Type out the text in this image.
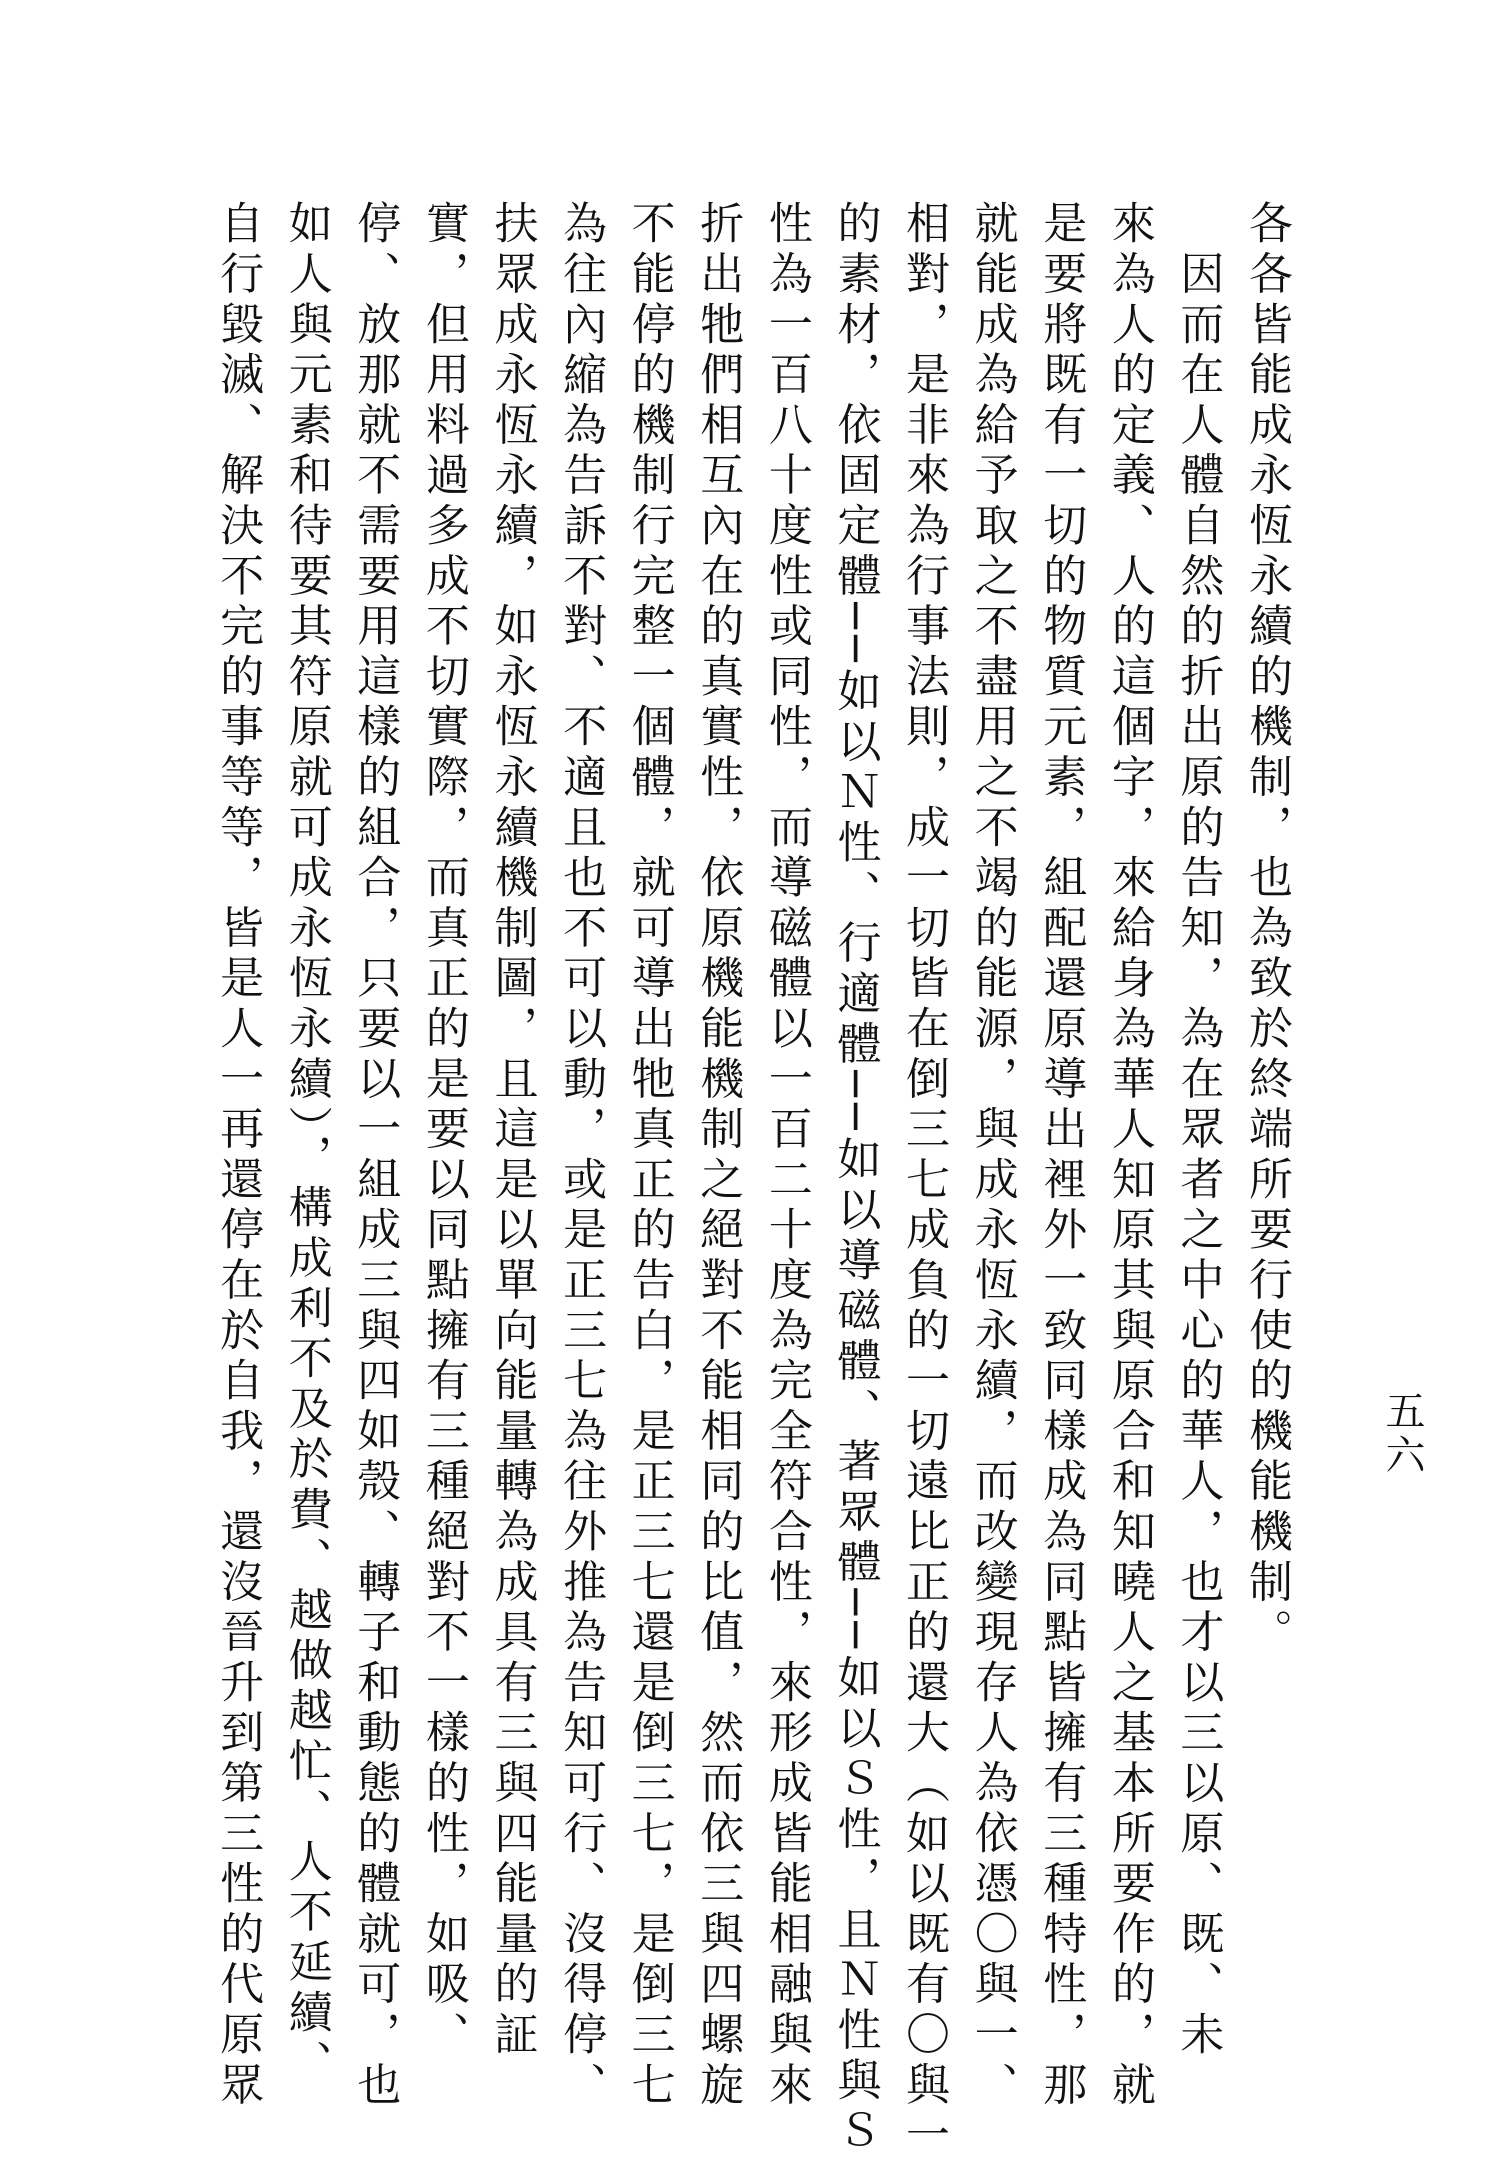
各各皆能成永恆永續的機制，也為致於終端所要行使的機能機制。

　因而在人體自然的折出原的告知，為在眾者之中心的華人，也才以三以原、既、未

來為人的定義、人的這個字，來給身為華人知原其與原合和知曉人之基本所要作的，就

是要將既有一切的物質元素，組配還原導出裡外一致同樣成為同點皆擁有三種特性，那

就能成為給予取之不盡用之不竭的能源，與成永恆永續，而改變現存人為依憑〇與一、

相對，是非來為行事法則，成一切皆在倒三七成負的一切遠比正的還大（如以既有〇與一

的素材，依固定體──如以Ｎ性、行適體──如以導磁體、著眾體──如以Ｓ性，且Ｎ性與Ｓ

性為一百八十度性或同性，而導磁體以一百二十度為完全符合性，來形成皆能相融與來

折出牠們相互內在的真實性，依原機能機制之絕對不能相同的比值，然而依三與四螺旋

不能停的機制行完整一個體，就可導出牠真正的告白，是正三七還是倒三七，是倒三七

為往內縮為告訴不對、不適且也不可以動，或是正三七為往外推為告知可行、沒得停、

扶眾成永恆永續，如永恆永續機制圖，且這是以單向能量轉為成具有三與四能量的証

實，但用料過多成不切實際，而真正的是要以同點擁有三種絕對不一樣的性，如吸、

停、放那就不需要用這樣的組合，只要以一組成三與四如殼、轉子和動態的體就可，也

如人與元素和待要其符原就可成永恆永續），構成利不及於費、越做越忙、人不延續、

自行毀滅、解決不完的事等等，皆是人一再還停在於自我，還沒晉升到第三性的代原眾	五六
